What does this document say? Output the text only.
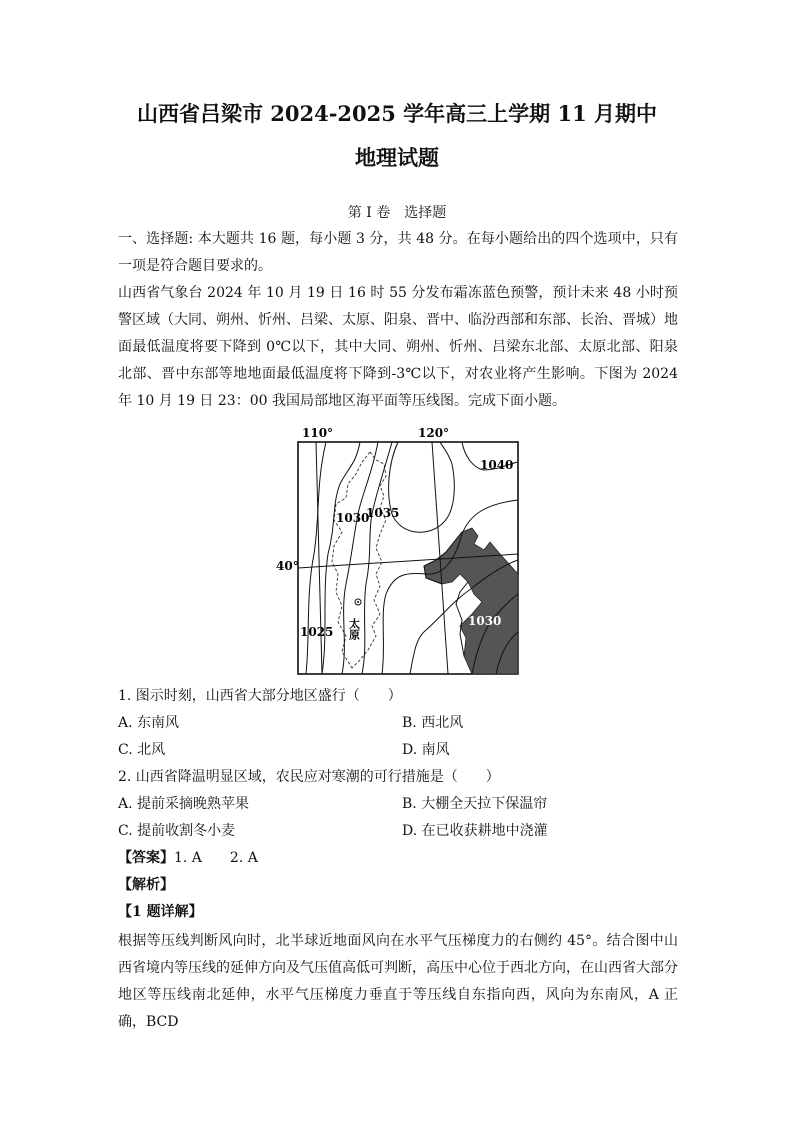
山西省吕梁市 2024-2025 学年高三上学期 11 月期中
地理试题
第 I 卷　选择题

一、选择题: 本大题共 16 题，每小题 3 分，共 48 分。在每小题给出的四个选项中，只有一项是符合题目要求的。

山西省气象台 2024 年 10 月 19 日 16 时 55 分发布霜冻蓝色预警，预计未来 48 小时预警区域（大同、朔州、忻州、吕梁、太原、阳泉、晋中、临汾西部和东部、长治、晋城）地面最低温度将要下降到 0℃以下，其中大同、朔州、忻州、吕梁东北部、太原北部、阳泉北部、晋中东部等地地面最低温度将下降到-3℃以下，对农业将产生影响。下图为 2024 年 10 月 19 日 23：00 我国局部地区海平面等压线图。完成下面小题。

110°	120°
40°
1040
1035
1030
1030
1025 太原
1. 图示时刻，山西省大部分地区盛行（　　）
A. 东南风	B. 西北风
C. 北风	D. 南风
2. 山西省降温明显区域，农民应对寒潮的可行措施是（　　）
A. 提前采摘晚熟苹果	B. 大棚全天拉下保温帘
C. 提前收割冬小麦	D. 在已收获耕地中浇灌
【答案】1. A　　2. A
【解析】
【1 题详解】

根据等压线判断风向时，北半球近地面风向在水平气压梯度力的右侧约 45°。结合图中山西省境内等压线的延伸方向及气压值高低可判断，高压中心位于西北方向，在山西省大部分地区等压线南北延伸，水平气压梯度力垂直于等压线自东指向西，风向为东南风，A 正确，BCD
